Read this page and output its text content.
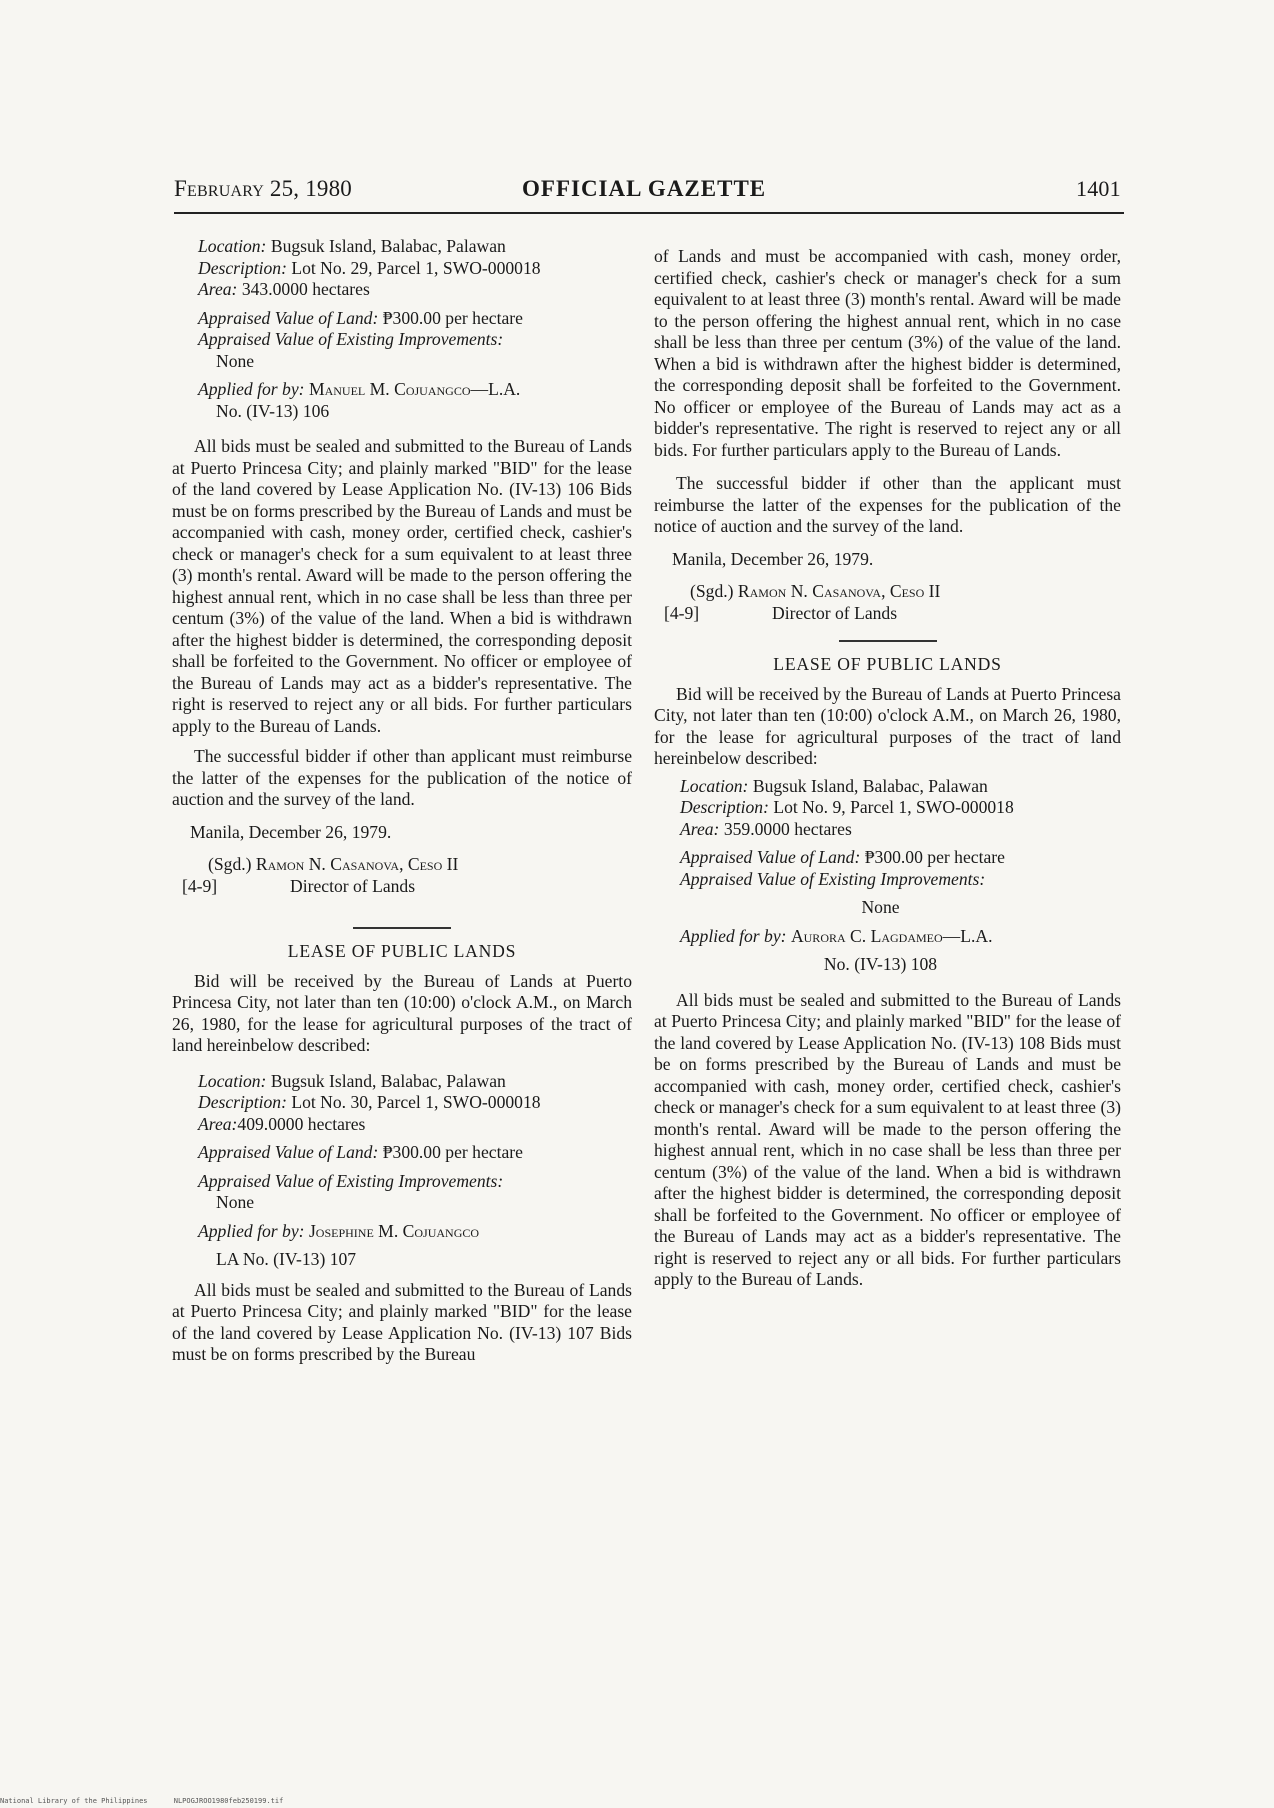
February 25, 1980	OFFICIAL GAZETTE	1401

Location: Bugsuk Island, Balabac, Palawan

Description: Lot No. 29, Parcel 1, SWO-000018

Area: 343.0000 hectares

Appraised Value of Land: ₱300.00 per hectare

Appraised Value of Existing Improvements:

None

Applied for by: Manuel M. Cojuangco—L.A.

No. (IV-13) 106

All bids must be sealed and submitted to the Bureau of Lands at Puerto Princesa City; and plainly marked "BID" for the lease of the land covered by Lease Application No. (IV-13) 106 Bids must be on forms prescribed by the Bureau of Lands and must be accompanied with cash, money order, certified check, cashier's check or manager's check for a sum equivalent to at least three (3) month's rental. Award will be made to the person offering the highest annual rent, which in no case shall be less than three per centum (3%) of the value of the land. When a bid is withdrawn after the highest bidder is determined, the corresponding deposit shall be forfeited to the Government. No officer or employee of the Bureau of Lands may act as a bidder's representative. The right is reserved to reject any or all bids. For further particulars apply to the Bureau of Lands.

The successful bidder if other than applicant must reimburse the latter of the expenses for the publication of the notice of auction and the survey of the land.

Manila, December 26, 1979.

(Sgd.) Ramon N. Casanova, Ceso II
[4-9]	Director of Lands
LEASE OF PUBLIC LANDS

Bid will be received by the Bureau of Lands at Puerto Princesa City, not later than ten (10:00) o'clock A.M., on March 26, 1980, for the lease for agricultural purposes of the tract of land hereinbelow described:

Location: Bugsuk Island, Balabac, Palawan

Description: Lot No. 30, Parcel 1, SWO-000018

Area:409.0000 hectares

Appraised Value of Land: ₱300.00 per hectare

Appraised Value of Existing Improvements:

None

Applied for by: Josephine M. Cojuangco

LA No. (IV-13) 107

All bids must be sealed and submitted to the Bureau of Lands at Puerto Princesa City; and plainly marked "BID" for the lease of the land covered by Lease Application No. (IV-13) 107 Bids must be on forms prescribed by the Bureau

of Lands and must be accompanied with cash, money order, certified check, cashier's check or manager's check for a sum equivalent to at least three (3) month's rental. Award will be made to the person offering the highest annual rent, which in no case shall be less than three per centum (3%) of the value of the land. When a bid is withdrawn after the highest bidder is determined, the corresponding deposit shall be forfeited to the Government. No officer or employee of the Bureau of Lands may act as a bidder's representative. The right is reserved to reject any or all bids. For further particulars apply to the Bureau of Lands.

The successful bidder if other than the applicant must reimburse the latter of the expenses for the publication of the notice of auction and the survey of the land.

Manila, December 26, 1979.

(Sgd.) Ramon N. Casanova, Ceso II
[4-9]	Director of Lands
LEASE OF PUBLIC LANDS

Bid will be received by the Bureau of Lands at Puerto Princesa City, not later than ten (10:00) o'clock A.M., on March 26, 1980, for the lease for agricultural purposes of the tract of land hereinbelow described:

Location: Bugsuk Island, Balabac, Palawan

Description: Lot No. 9, Parcel 1, SWO-000018

Area: 359.0000 hectares

Appraised Value of Land: ₱300.00 per hectare

Appraised Value of Existing Improvements:

None

Applied for by: Aurora C. Lagdameo—L.A.

No. (IV-13) 108

All bids must be sealed and submitted to the Bureau of Lands at Puerto Princesa City; and plainly marked "BID" for the lease of the land covered by Lease Application No. (IV-13) 108 Bids must be on forms prescribed by the Bureau of Lands and must be accompanied with cash, money order, certified check, cashier's check or manager's check for a sum equivalent to at least three (3) month's rental. Award will be made to the person offering the highest annual rent, which in no case shall be less than three per centum (3%) of the value of the land. When a bid is withdrawn after the highest bidder is determined, the corresponding deposit shall be forfeited to the Government. No officer or employee of the Bureau of Lands may act as a bidder's representative. The right is reserved to reject any or all bids. For further particulars apply to the Bureau of Lands.

National Library of the Philippines	NLPOGJROO1980feb250199.tif
